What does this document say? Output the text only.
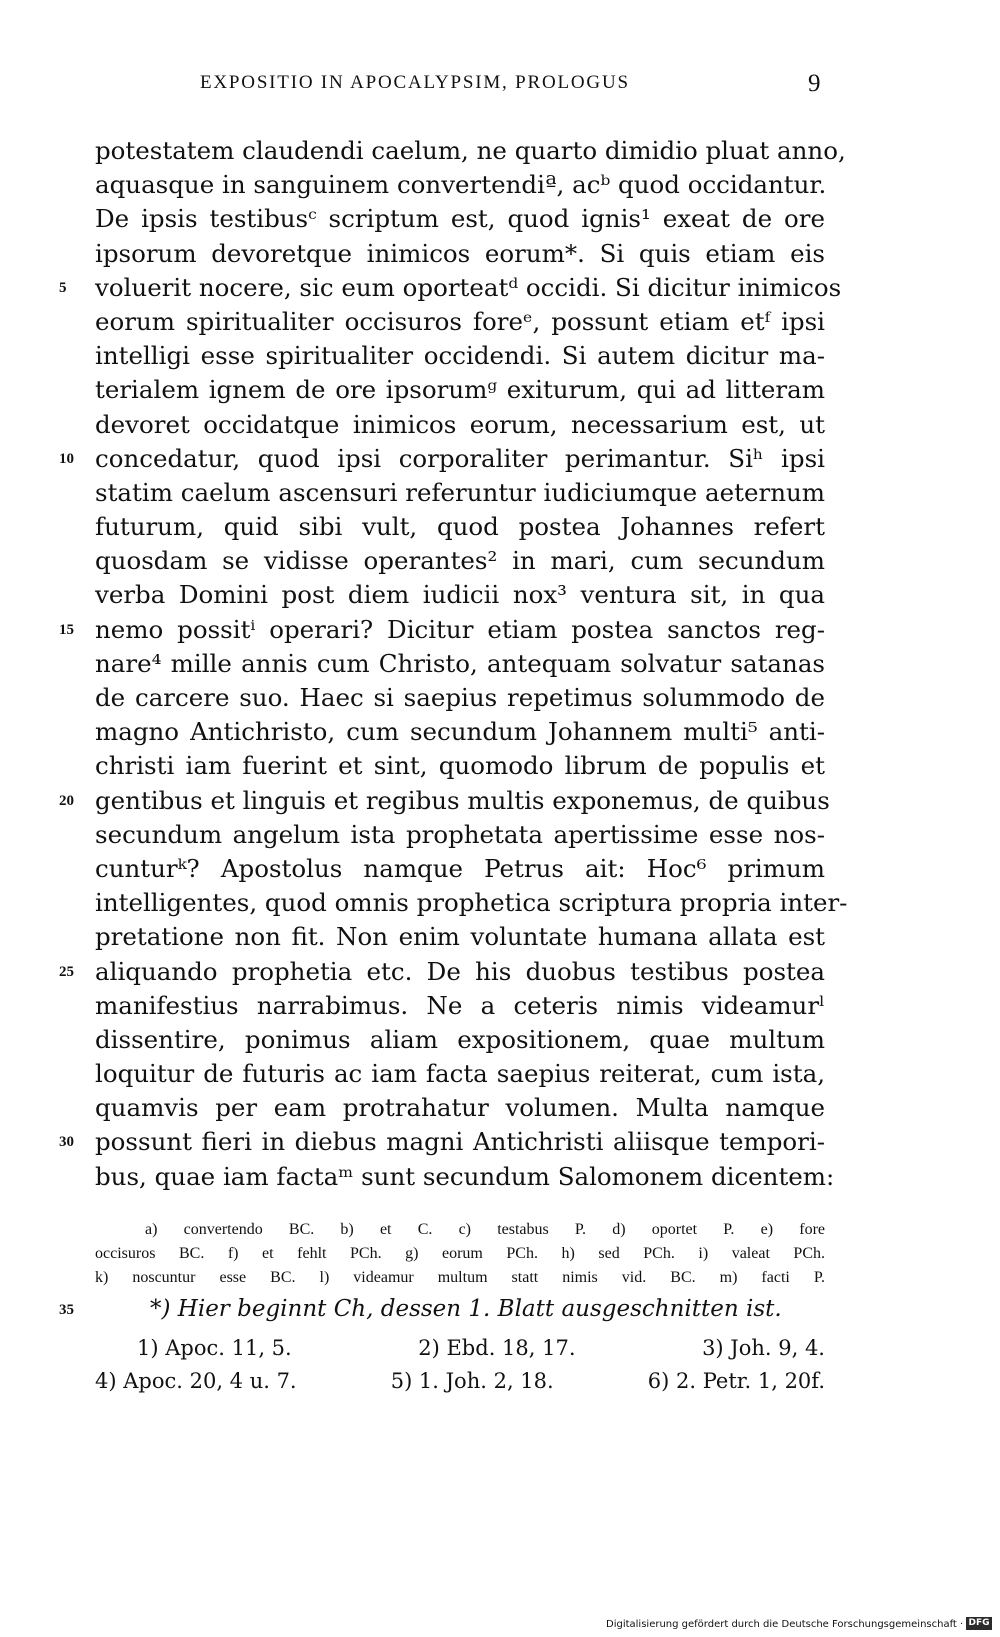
EXPOSITIO IN APOCALYPSIM, PROLOGUS	9
potestatem claudendi caelum, ne quarto dimidio pluat anno,
aquasque in sanguinem convertendiª, acᵇ quod occidantur.
De ipsis testibusᶜ scriptum est, quod ignis¹ exeat de ore
ipsorum devoretque inimicos eorum*. Si quis etiam eis
voluerit nocere, sic eum oporteatᵈ occidi. Si dicitur inimicos
5
eorum spiritualiter occisuros foreᵉ, possunt etiam etᶠ ipsi
intelligi esse spiritualiter occidendi. Si autem dicitur ma-
terialem ignem de ore ipsorumᵍ exiturum, qui ad litteram
devoret occidatque inimicos eorum, necessarium est, ut
concedatur, quod ipsi corporaliter perimantur. Siʰ ipsi
10
statim caelum ascensuri referuntur iudiciumque aeternum
futurum, quid sibi vult, quod postea Johannes refert
quosdam se vidisse operantes² in mari, cum secundum
verba Domini post diem iudicii nox³ ventura sit, in qua
nemo possitⁱ operari? Dicitur etiam postea sanctos reg-
15
nare⁴ mille annis cum Christo, antequam solvatur satanas
de carcere suo. Haec si saepius repetimus solummodo de
magno Antichristo, cum secundum Johannem multi⁵ anti-
christi iam fuerint et sint, quomodo librum de populis et
gentibus et linguis et regibus multis exponemus, de quibus
20
secundum angelum ista prophetata apertissime esse nos-
cunturᵏ? Apostolus namque Petrus ait: Hoc⁶ primum
intelligentes, quod omnis prophetica scriptura propria inter-
pretatione non fit. Non enim voluntate humana allata est
aliquando prophetia etc. De his duobus testibus postea
25
manifestius narrabimus. Ne a ceteris nimis videamurˡ
dissentire, ponimus aliam expositionem, quae multum
loquitur de futuris ac iam facta saepius reiterat, cum ista,
quamvis per eam protrahatur volumen. Multa namque
possunt fieri in diebus magni Antichristi aliisque tempori-
30
bus, quae iam factaᵐ sunt secundum Salomonem dicentem:
a) convertendo BC. b) et C. c) testabus P. d) oportet P. e) fore
occisuros BC. f) et fehlt PCh. g) eorum PCh. h) sed PCh. i) valeat PCh.
k) noscuntur esse BC. l) videamur multum statt nimis vid. BC. m) facti P.
35	*) Hier beginnt Ch, dessen 1. Blatt ausgeschnitten ist.
1) Apoc. 11, 5.	2) Ebd. 18, 17.	3) Joh. 9, 4.
4) Apoc. 20, 4 u. 7.	5) 1. Joh. 2, 18.	6) 2. Petr. 1, 20f.
Digitalisierung gefördert durch die Deutsche Forschungsgemeinschaft · DFG
